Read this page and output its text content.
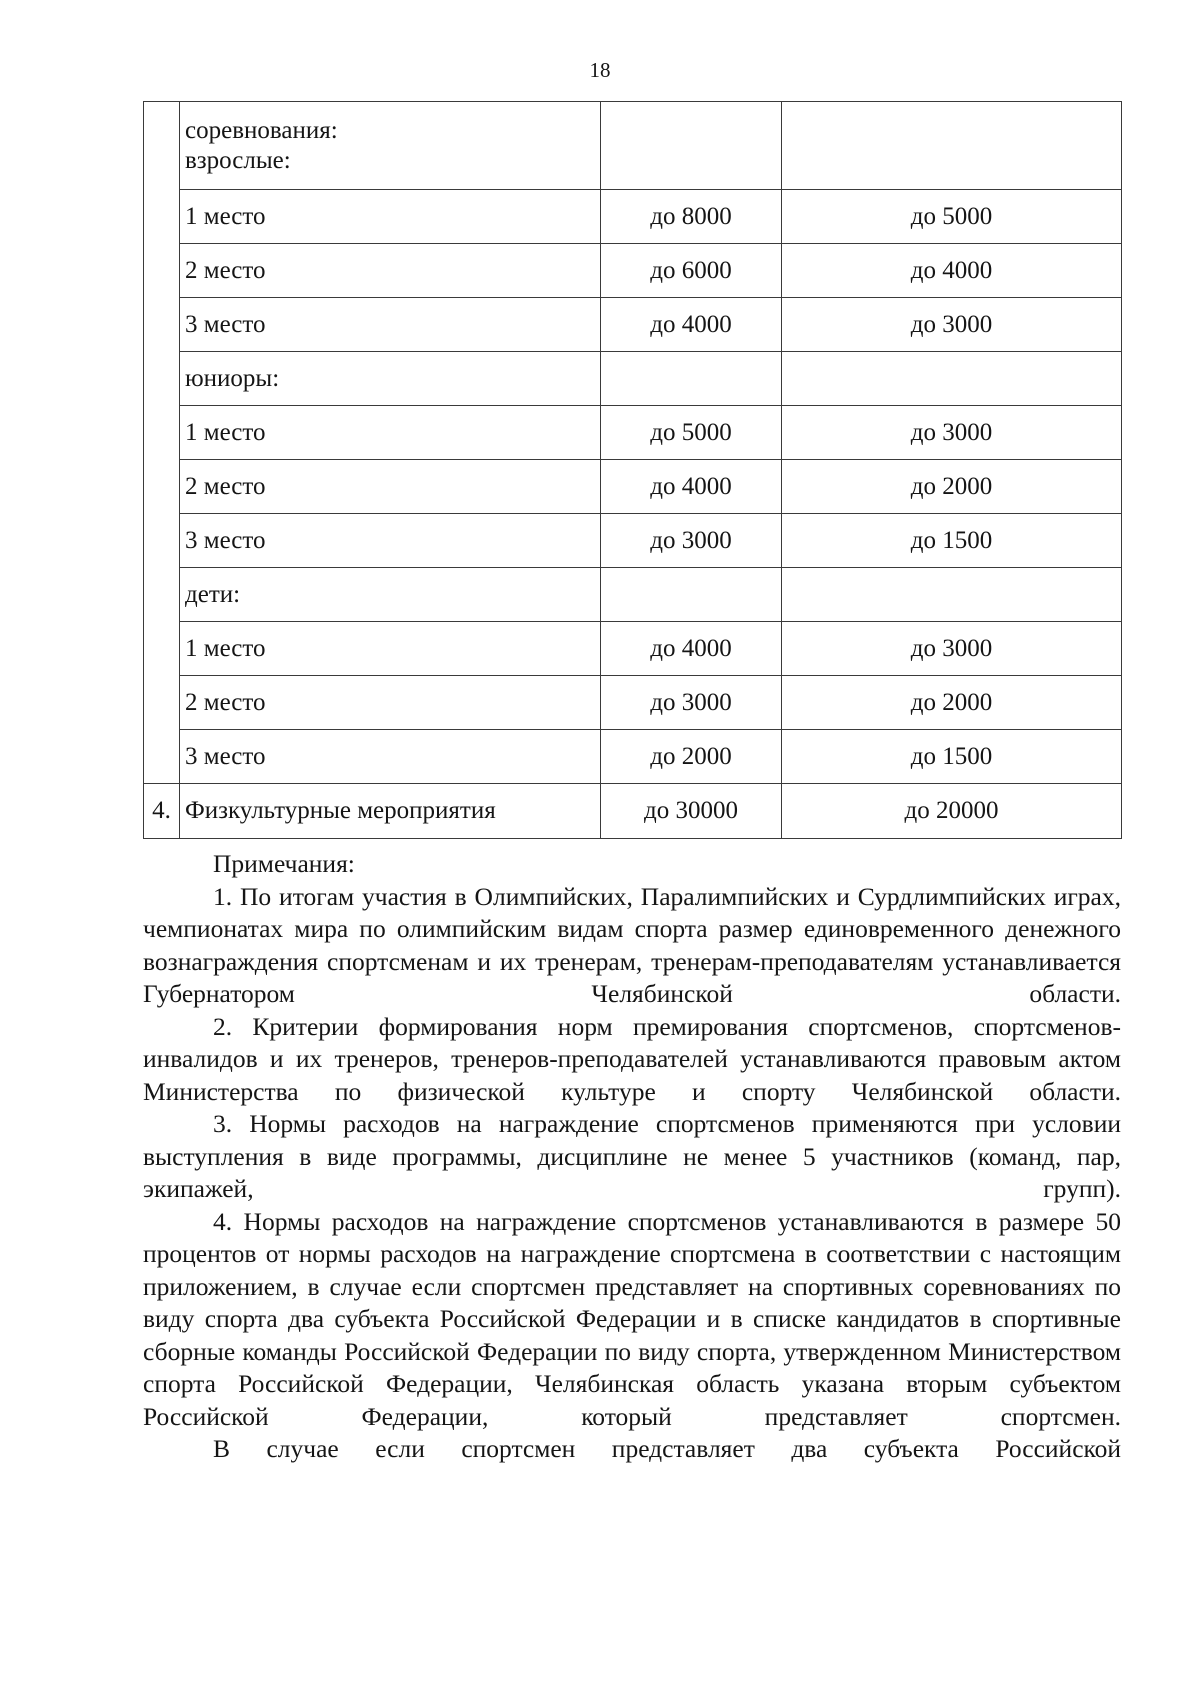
18
	соревнования:
взрослые:		
	1 место	до 8000	до 5000
	2 место	до 6000	до 4000
	3 место	до 4000	до 3000
	юниоры:		
	1 место	до 5000	до 3000
	2 место	до 4000	до 2000
	3 место	до 3000	до 1500
	дети:		
	1 место	до 4000	до 3000
	2 место	до 3000	до 2000
	3 место	до 2000	до 1500
4.	Физкультурные мероприятия	до 30000	до 20000
Примечания:

1. По итогам участия в Олимпийских, Паралимпийских и Сурдлимпийских играх, чемпионатах мира по олимпийским видам спорта размер единовременного денежного вознаграждения спортсменам и их тренерам, тренерам-преподавателям устанавливается Губернатором Челябинской области.

2. Критерии формирования норм премирования спортсменов, спортсменов-инвалидов и их тренеров, тренеров-преподавателей устанавливаются правовым актом Министерства по физической культуре и спорту Челябинской области.

3. Нормы расходов на награждение спортсменов применяются при условии выступления в виде программы, дисциплине не менее 5 участников (команд, пар, экипажей, групп).

4. Нормы расходов на награждение спортсменов устанавливаются в размере 50 процентов от нормы расходов на награждение спортсмена в соответствии с настоящим приложением, в случае если спортсмен представляет на спортивных соревнованиях по виду спорта два субъекта Российской Федерации и в списке кандидатов в спортивные сборные команды Российской Федерации по виду спорта, утвержденном Министерством спорта Российской Федерации, Челябинская область указана вторым субъектом Российской Федерации, который представляет спортсмен.

В случае если спортсмен представляет два субъекта Российской
